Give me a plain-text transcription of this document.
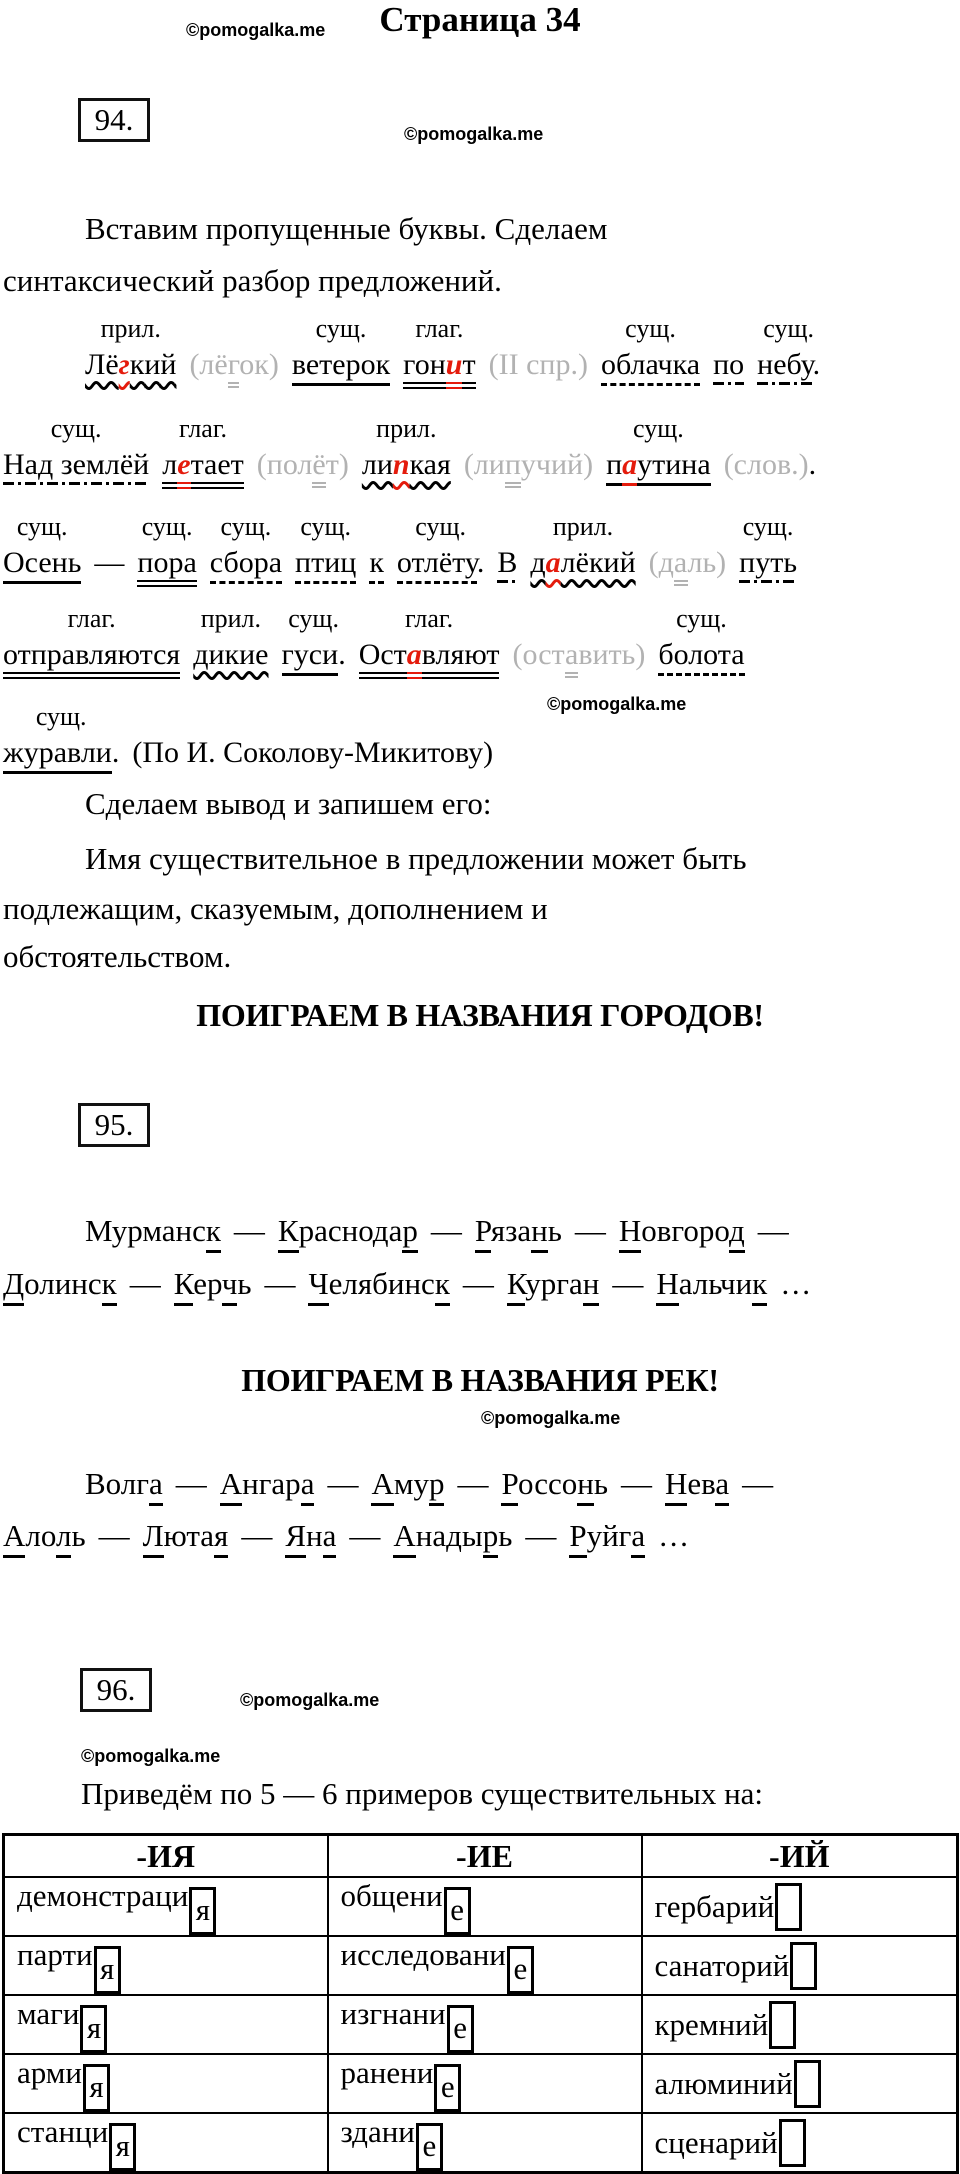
Страница 34
©pomogalka.me
©pomogalka.me
©pomogalka.me
©pomogalka.me
©pomogalka.me
©pomogalka.me
94.
95.
96.
Вставим пропущенные буквы. Сделаем
синтаксический разбор предложений.
прил.
Лёгкий (лёгок)
сущ.
ветерок
глаг.
гонит (II спр.)
сущ.
облачка по
сущ.
небу.
сущ.
Над землёй
глаг.
летает (полёт)
прил.
липкая (липучий)
сущ.
паутина (слов.).
сущ.
Осень —
сущ.
пора
сущ.
сбора
сущ.
птиц к
сущ.
отлёту. В
прил.
далёкий (даль)
сущ.
путь
глаг.
отправляются
прил.
дикие
сущ.
гуси.
глаг.
Оставляют (оставить)
сущ.
болота
сущ.
журавли. (По И. Соколову-Микитову)
Сделаем вывод и запишем его:
Имя существительное в предложении может быть
подлежащим, сказуемым, дополнением и
обстоятельством.
ПОИГРАЕМ В НАЗВАНИЯ ГОРОДОВ!
Мурманск — Краснодар — Рязань — Новгород —
Долинск — Керчь — Челябинск — Курган — Нальчик …
ПОИГРАЕМ В НАЗВАНИЯ РЕК!
Волга — Ангара — Амур — Россонь — Нева —
Алоль — Лютая — Яна — Анадырь — Руйга …
Приведём по 5 — 6 примеров существительных на:
-ИЯ	-ИЕ	-ИЙ
демонстраци я	общени е	гербарий
парти я	исследовани е	санаторий
маги я	изгнани е	кремний
арми я	ранени е	алюминий
станци я	здани е	сценарий
